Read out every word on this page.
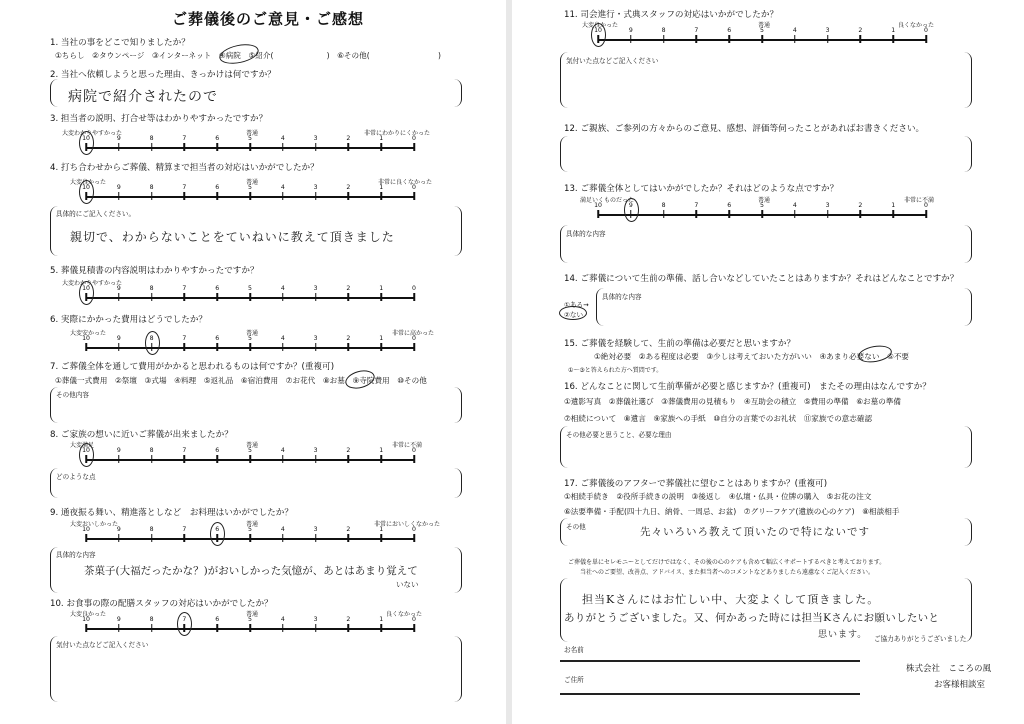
ご葬儀後のご意見・ご感想
1. 当社の事をどこで知りましたか？
①ちらし　②タウンページ　③インターネット　④病院　⑤紹介(　　　　　　　)　⑥その他(　　　　　　　　　)
2. 当社へ依頼しようと思った理由、きっかけは何ですか？
病院で紹介されたので
3. 担当者の説明、打合せ等はわかりやすかったですか？
大変わかりやすかった	普通	非常にわかりにくかった
10	9	8	7	6	5	4	3	2	1	0
4. 打ち合わせからご葬儀、精算まで担当者の対応はいかがでしたか？
大変良かった	普通	非常に良くなかった
10	9	8	7	6	5	4	3	2	1	0
具体的にご記入ください。
親切で、わからないことをていねいに教えて頂きました
5. 葬儀見積書の内容説明はわかりやすかったですか？
大変わかりやすかった
10	9	8	7	6	5	4	3	2	1	0
6. 実際にかかった費用はどうでしたか？
大変安かった	普通	非常に高かった
10	9	8	7	6	5	4	3	2	1	0
7. ご葬儀全体を通して費用がかかると思われるものは何ですか？(重複可)
①葬儀一式費用　②祭壇　③式場　④料理　⑤返礼品　⑥宿泊費用　⑦お花代　⑧お墓　⑨寺院費用　⑩その他
その他内容
8. ご家族の想いに近いご葬儀が出来ましたか？
大変満足	普通	非常に不満
10	9	8	7	6	5	4	3	2	1	0
どのような点
9. 通夜振る舞い、精進落としなど　お料理はいかがでしたか？
大変おいしかった	普通	非常においしくなかった
10	9	8	7	6	5	4	3	2	1	0
具体的な内容
茶菓子(大福だったかな？)がおいしかった気憶が、あとはあまり覚えて
いない
10. お食事の際の配膳スタッフの対応はいかがでしたか？
大変良かった	普通	良くなかった
10	9	8	7	6	5	4	3	2	1	0
気付いた点などご記入ください
11. 司会進行・式典スタッフの対応はいかがでしたか？
大変良かった	普通	良くなかった
10	9	8	7	6	5	4	3	2	1	0
気付いた点などご記入ください
12. ご親族、ご参列の方々からのご意見、感想、評価等伺ったことがあればお書きください。
13. ご葬儀全体としてはいかがでしたか？それはどのような点ですか？
満足いくものだった	普通	非常に不満
10	9	8	7	6	5	4	3	2	1	0
具体的な内容
14. ご葬儀について生前の準備、話し合いなどしていたことはありますか？それはどんなことですか？
①ある→
②ない
具体的な内容
15. ご葬儀を経験して、生前の準備は必要だと思いますか？
①絶対必要　②ある程度は必要　③少しは考えておいた方がいい　④あまり必要ない　⑤不要
①～③と答えられた方へ質問です。
16. どんなことに関して生前準備が必要と感じますか？(重複可)　またその理由はなんですか？
①遺影写真　②葬儀社選び　③葬儀費用の見積もり　④互助会の積立　⑤費用の準備　⑥お墓の準備
⑦相続について　⑧遺言　⑨家族への手紙　⑩自分の言葉でのお礼状　⑪家族での意志確認
その他必要と思うこと、必要な理由
17. ご葬儀後のアフターで葬儀社に望むことはありますか？(重複可)
①相続手続き　②役所手続きの説明　③後返し　④仏壇・仏具・位牌の購入　⑤お花の注文
⑥法要準備・手配(四十九日、納骨、一周忌、お盆)　⑦グリーフケア(遺族の心のケア)　⑧相談相手
その他	先々いろいろ教えて頂いたので特にないです
ご葬儀を単にセレモニーとしてだけではなく、その後の心のケアも含めて幅広くサポートするべきと考えております。
当社へのご要望、改善点、アドバイス、また担当者へのコメントなどありましたら遠慮なくご記入ください。
担当Kさんにはお忙しい中、大変よくして頂きました。
ありがとうございました。又、何かあった時には担当Kさんにお願いしたいと
思います。 ご協力ありがとうございました
お名前
ご住所
株式会社　こころの風
お客様相談室
